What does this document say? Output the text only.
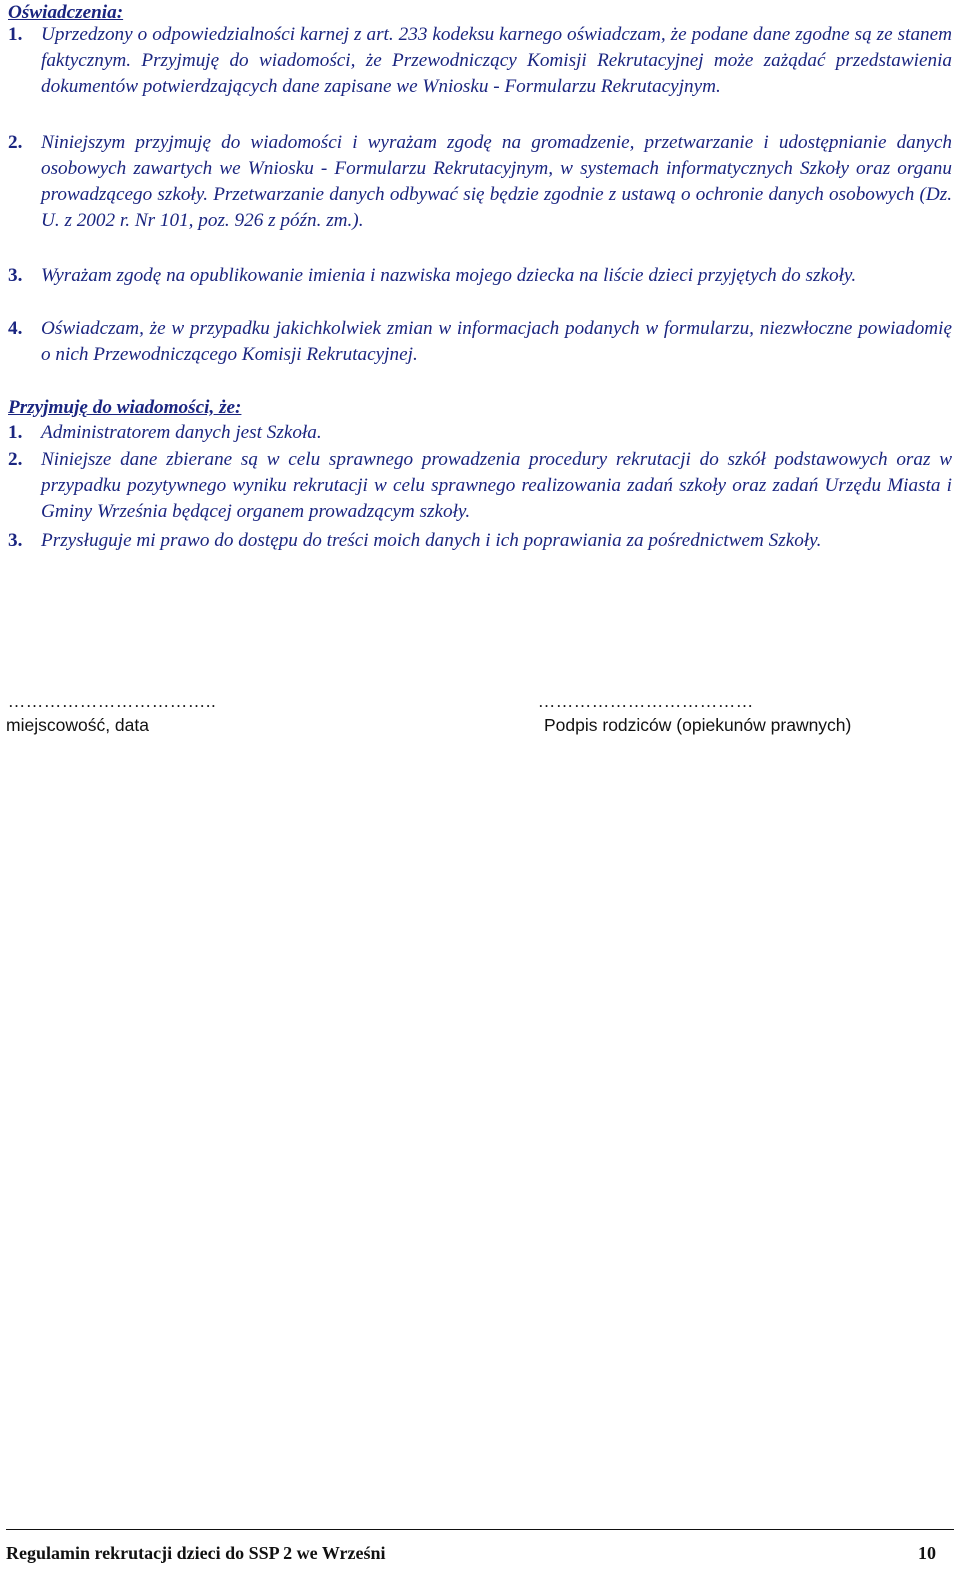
Oświadczenia:
1. Uprzedzony o odpowiedzialności karnej z art. 233 kodeksu karnego oświadczam, że podane dane zgodne są ze stanem faktycznym. Przyjmuję do wiadomości, że Przewodniczący Komisji Rekrutacyjnej może zażądać przedstawienia dokumentów potwierdzających dane zapisane we Wniosku - Formularzu Rekrutacyjnym.
2. Niniejszym przyjmuję do wiadomości i wyrażam zgodę na gromadzenie, przetwarzanie i udostępnianie danych osobowych zawartych we Wniosku - Formularzu Rekrutacyjnym, w systemach informatycznych Szkoły oraz organu prowadzącego szkoły. Przetwarzanie danych odbywać się będzie zgodnie z ustawą o ochronie danych osobowych (Dz. U. z 2002 r. Nr 101, poz. 926 z późn. zm.).
3. Wyrażam zgodę na opublikowanie imienia i nazwiska mojego dziecka na liście dzieci przyjętych do szkoły.
4. Oświadczam, że w przypadku jakichkolwiek zmian w informacjach podanych w formularzu, niezwłoczne powiadomię o nich Przewodniczącego Komisji Rekrutacyjnej.
Przyjmuję do wiadomości, że:
1. Administratorem danych jest Szkoła.
2. Niniejsze dane zbierane są w celu sprawnego prowadzenia procedury rekrutacji do szkół podstawowych oraz w przypadku pozytywnego wyniku rekrutacji w celu sprawnego realizowania zadań szkoły oraz zadań Urzędu Miasta i Gminy Września będącej organem prowadzącym szkoły.
3. Przysługuje mi prawo do dostępu do treści moich danych i ich poprawiania za pośrednictwem Szkoły.
……………………………..
miejscowość, data
………………………………
Podpis rodziców (opiekunów prawnych)
Regulamin rekrutacji dzieci do SSP 2 we Wrześni	10
